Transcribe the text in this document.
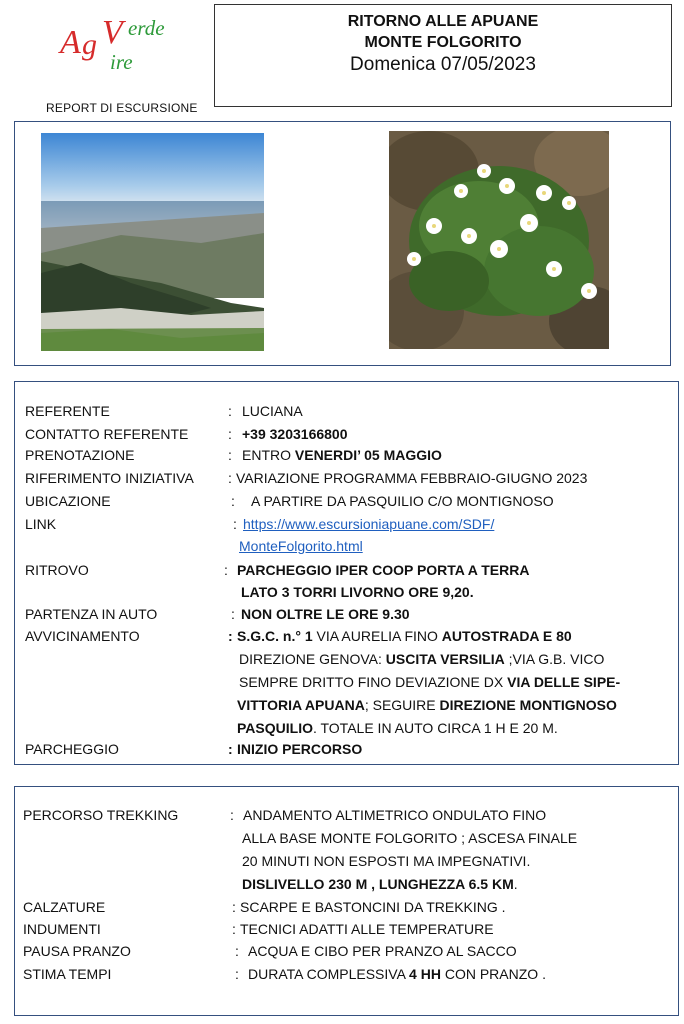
A g V erde
ire
REPORT DI ESCURSIONE
RITORNO ALLE APUANE
MONTE FOLGORITO
Domenica 07/05/2023
REFERENTE	: LUCIANA
CONTATTO REFERENTE	: +39 3203166800
PRENOTAZIONE	: ENTRO VENERDI’ 05 MAGGIO
RIFERIMENTO INIZIATIVA : VARIAZIONE PROGRAMMA FEBBRAIO-GIUGNO 2023
UBICAZIONE	: A PARTIRE DA PASQUILIO C/O MONTIGNOSO
LINK	: https://www.escursioniapuane.com/SDF/
MonteFolgorito.html
RITROVO	: PARCHEGGIO IPER COOP PORTA A TERRA
LATO 3 TORRI LIVORNO ORE 9,20.
PARTENZA IN AUTO	: NON OLTRE LE ORE 9.30
AVVICINAMENTO	: S.G.C. n.° 1 VIA AURELIA FINO AUTOSTRADA E 80
DIREZIONE GENOVA: USCITA VERSILIA ;VIA G.B. VICO
SEMPRE DRITTO FINO DEVIAZIONE DX VIA DELLE SIPE-
VITTORIA APUANA; SEGUIRE DIREZIONE MONTIGNOSO
PASQUILIO. TOTALE IN AUTO CIRCA 1 H E 20 M.
PARCHEGGIO	: INIZIO PERCORSO
PERCORSO TREKKING	: ANDAMENTO ALTIMETRICO ONDULATO FINO
ALLA BASE MONTE FOLGORITO ; ASCESA FINALE
20 MINUTI NON ESPOSTI MA IMPEGNATIVI.
DISLIVELLO 230 M , LUNGHEZZA 6.5 KM.
CALZATURE	: SCARPE E BASTONCINI DA TREKKING .
INDUMENTI	: TECNICI ADATTI ALLE TEMPERATURE
PAUSA PRANZO	: ACQUA E CIBO PER PRANZO AL SACCO
STIMA TEMPI	: DURATA COMPLESSIVA 4 HH CON PRANZO .
